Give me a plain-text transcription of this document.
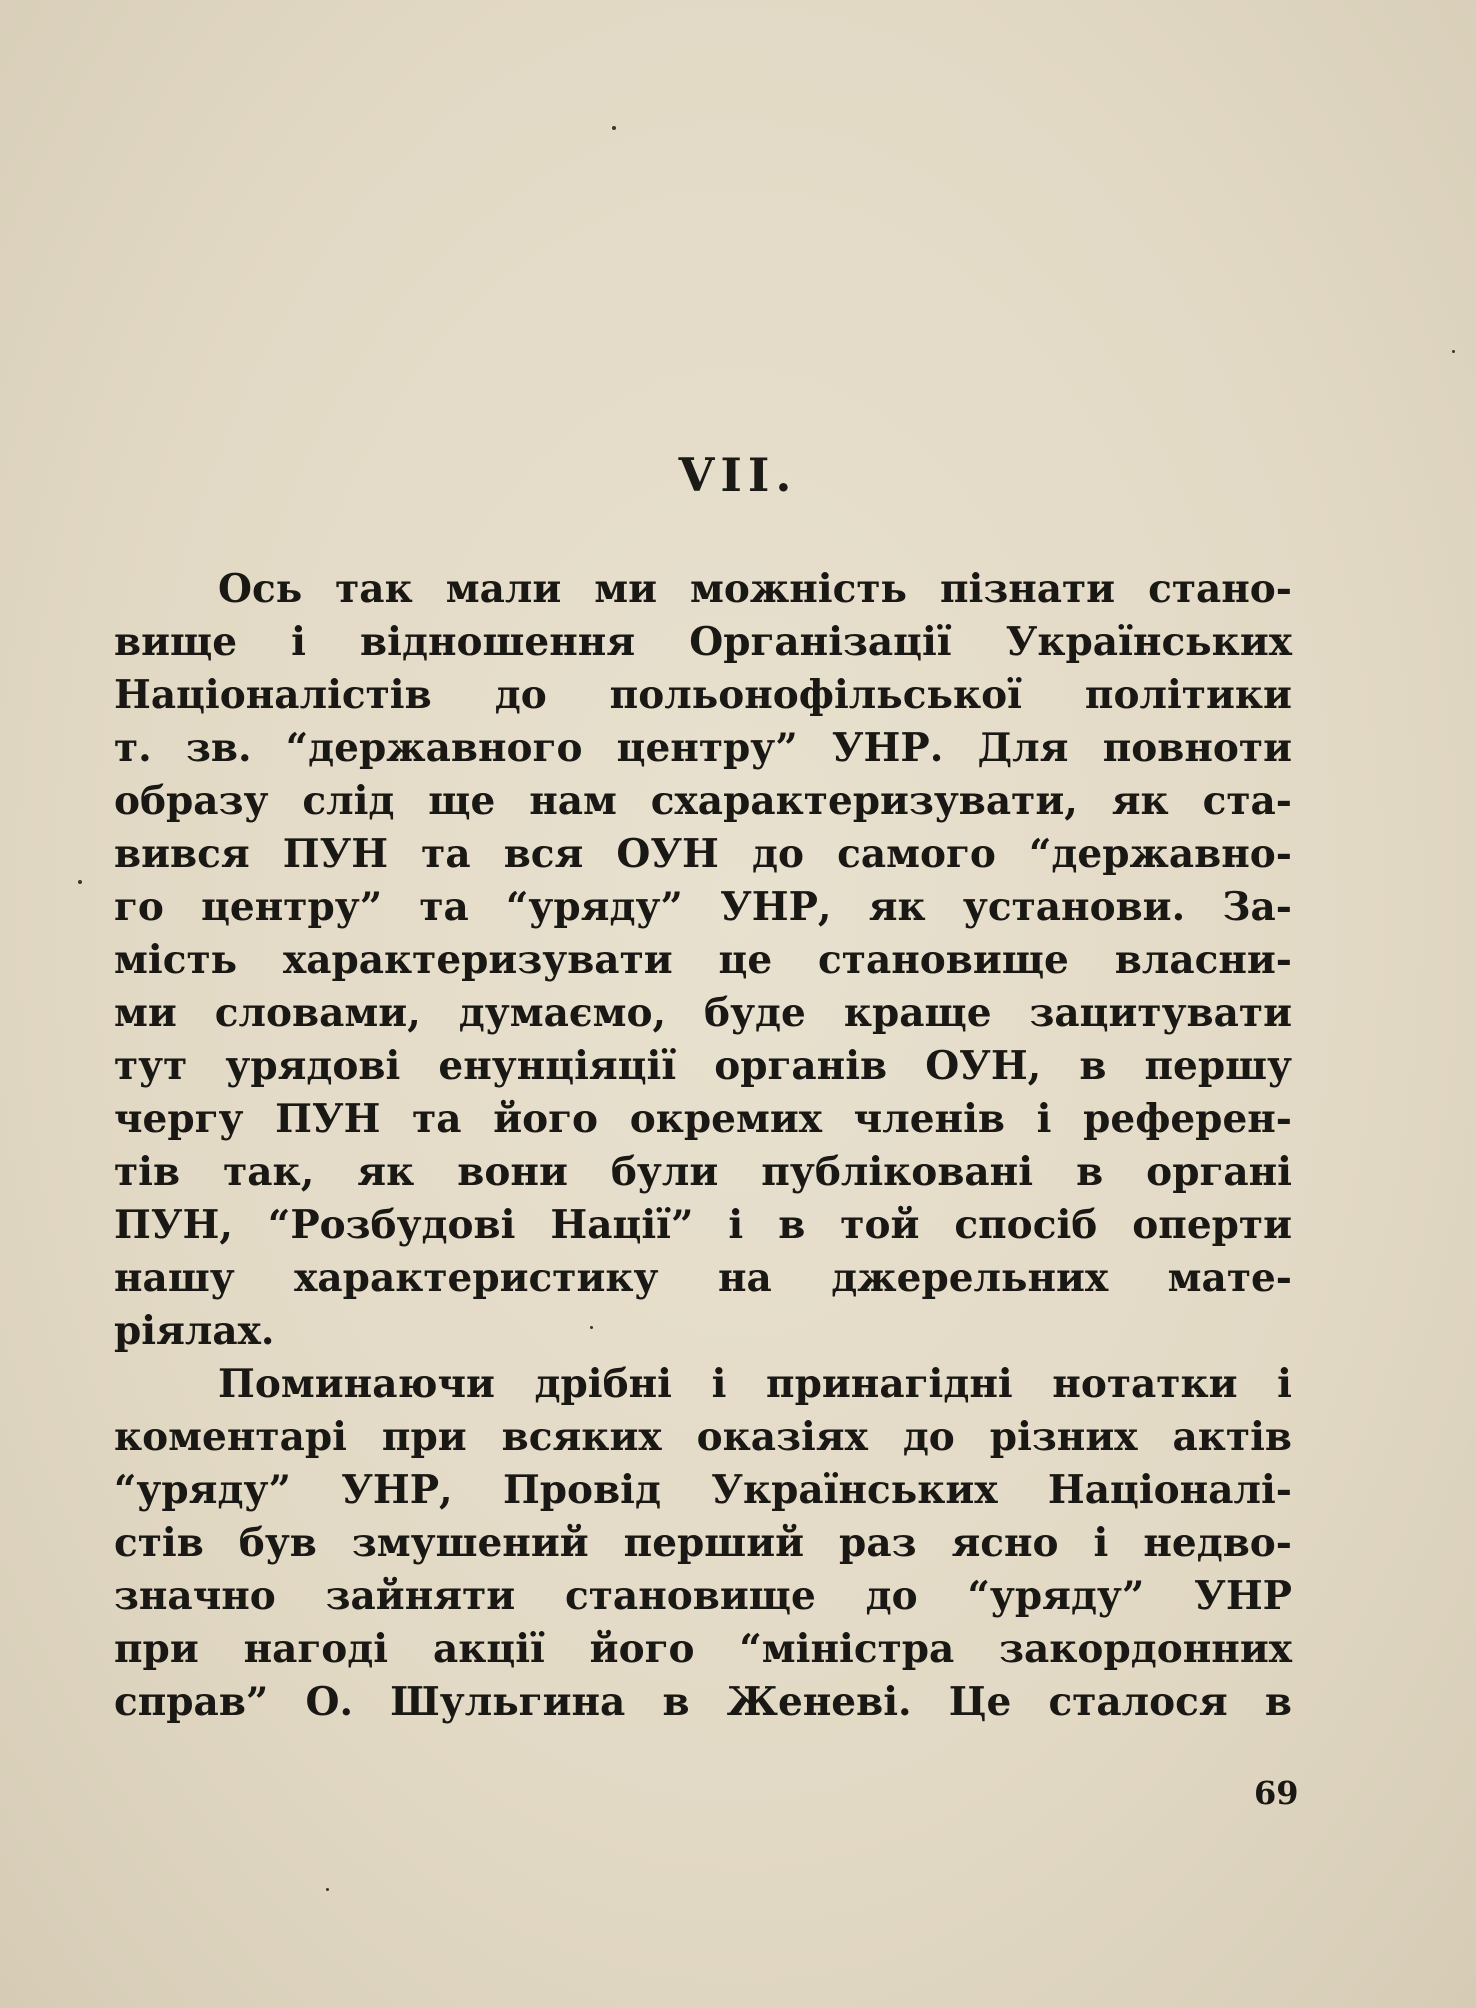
VII.
Ось так мали ми можність пізнати стано-
вище і відношення Організації Українських
Націоналістів до польонофільської політики
т. зв. “державного центру” УНР. Для повноти
образу слід ще нам схарактеризувати, як ста-
вився ПУН та вся ОУН до самого “державно-
го центру” та “уряду” УНР, як установи. За-
мість характеризувати це становище власни-
ми словами, думаємо, буде краще зацитувати
тут урядові енунціяції органів ОУН, в першу
чергу ПУН та його окремих членів і референ-
тів так, як вони були публіковані в органі
ПУН, “Розбудові Нації” і в той спосіб оперти
нашу характеристику на джерельних мате-
ріялах.
Поминаючи дрібні і принагідні нотатки і
коментарі при всяких оказіях до різних актів
“уряду” УНР, Провід Українських Націоналі-
стів був змушений перший раз ясно і недво-
значно зайняти становище до “уряду” УНР
при нагоді акції його “міністра закордонних
справ” О. Шульгина в Женеві. Це сталося в
69
